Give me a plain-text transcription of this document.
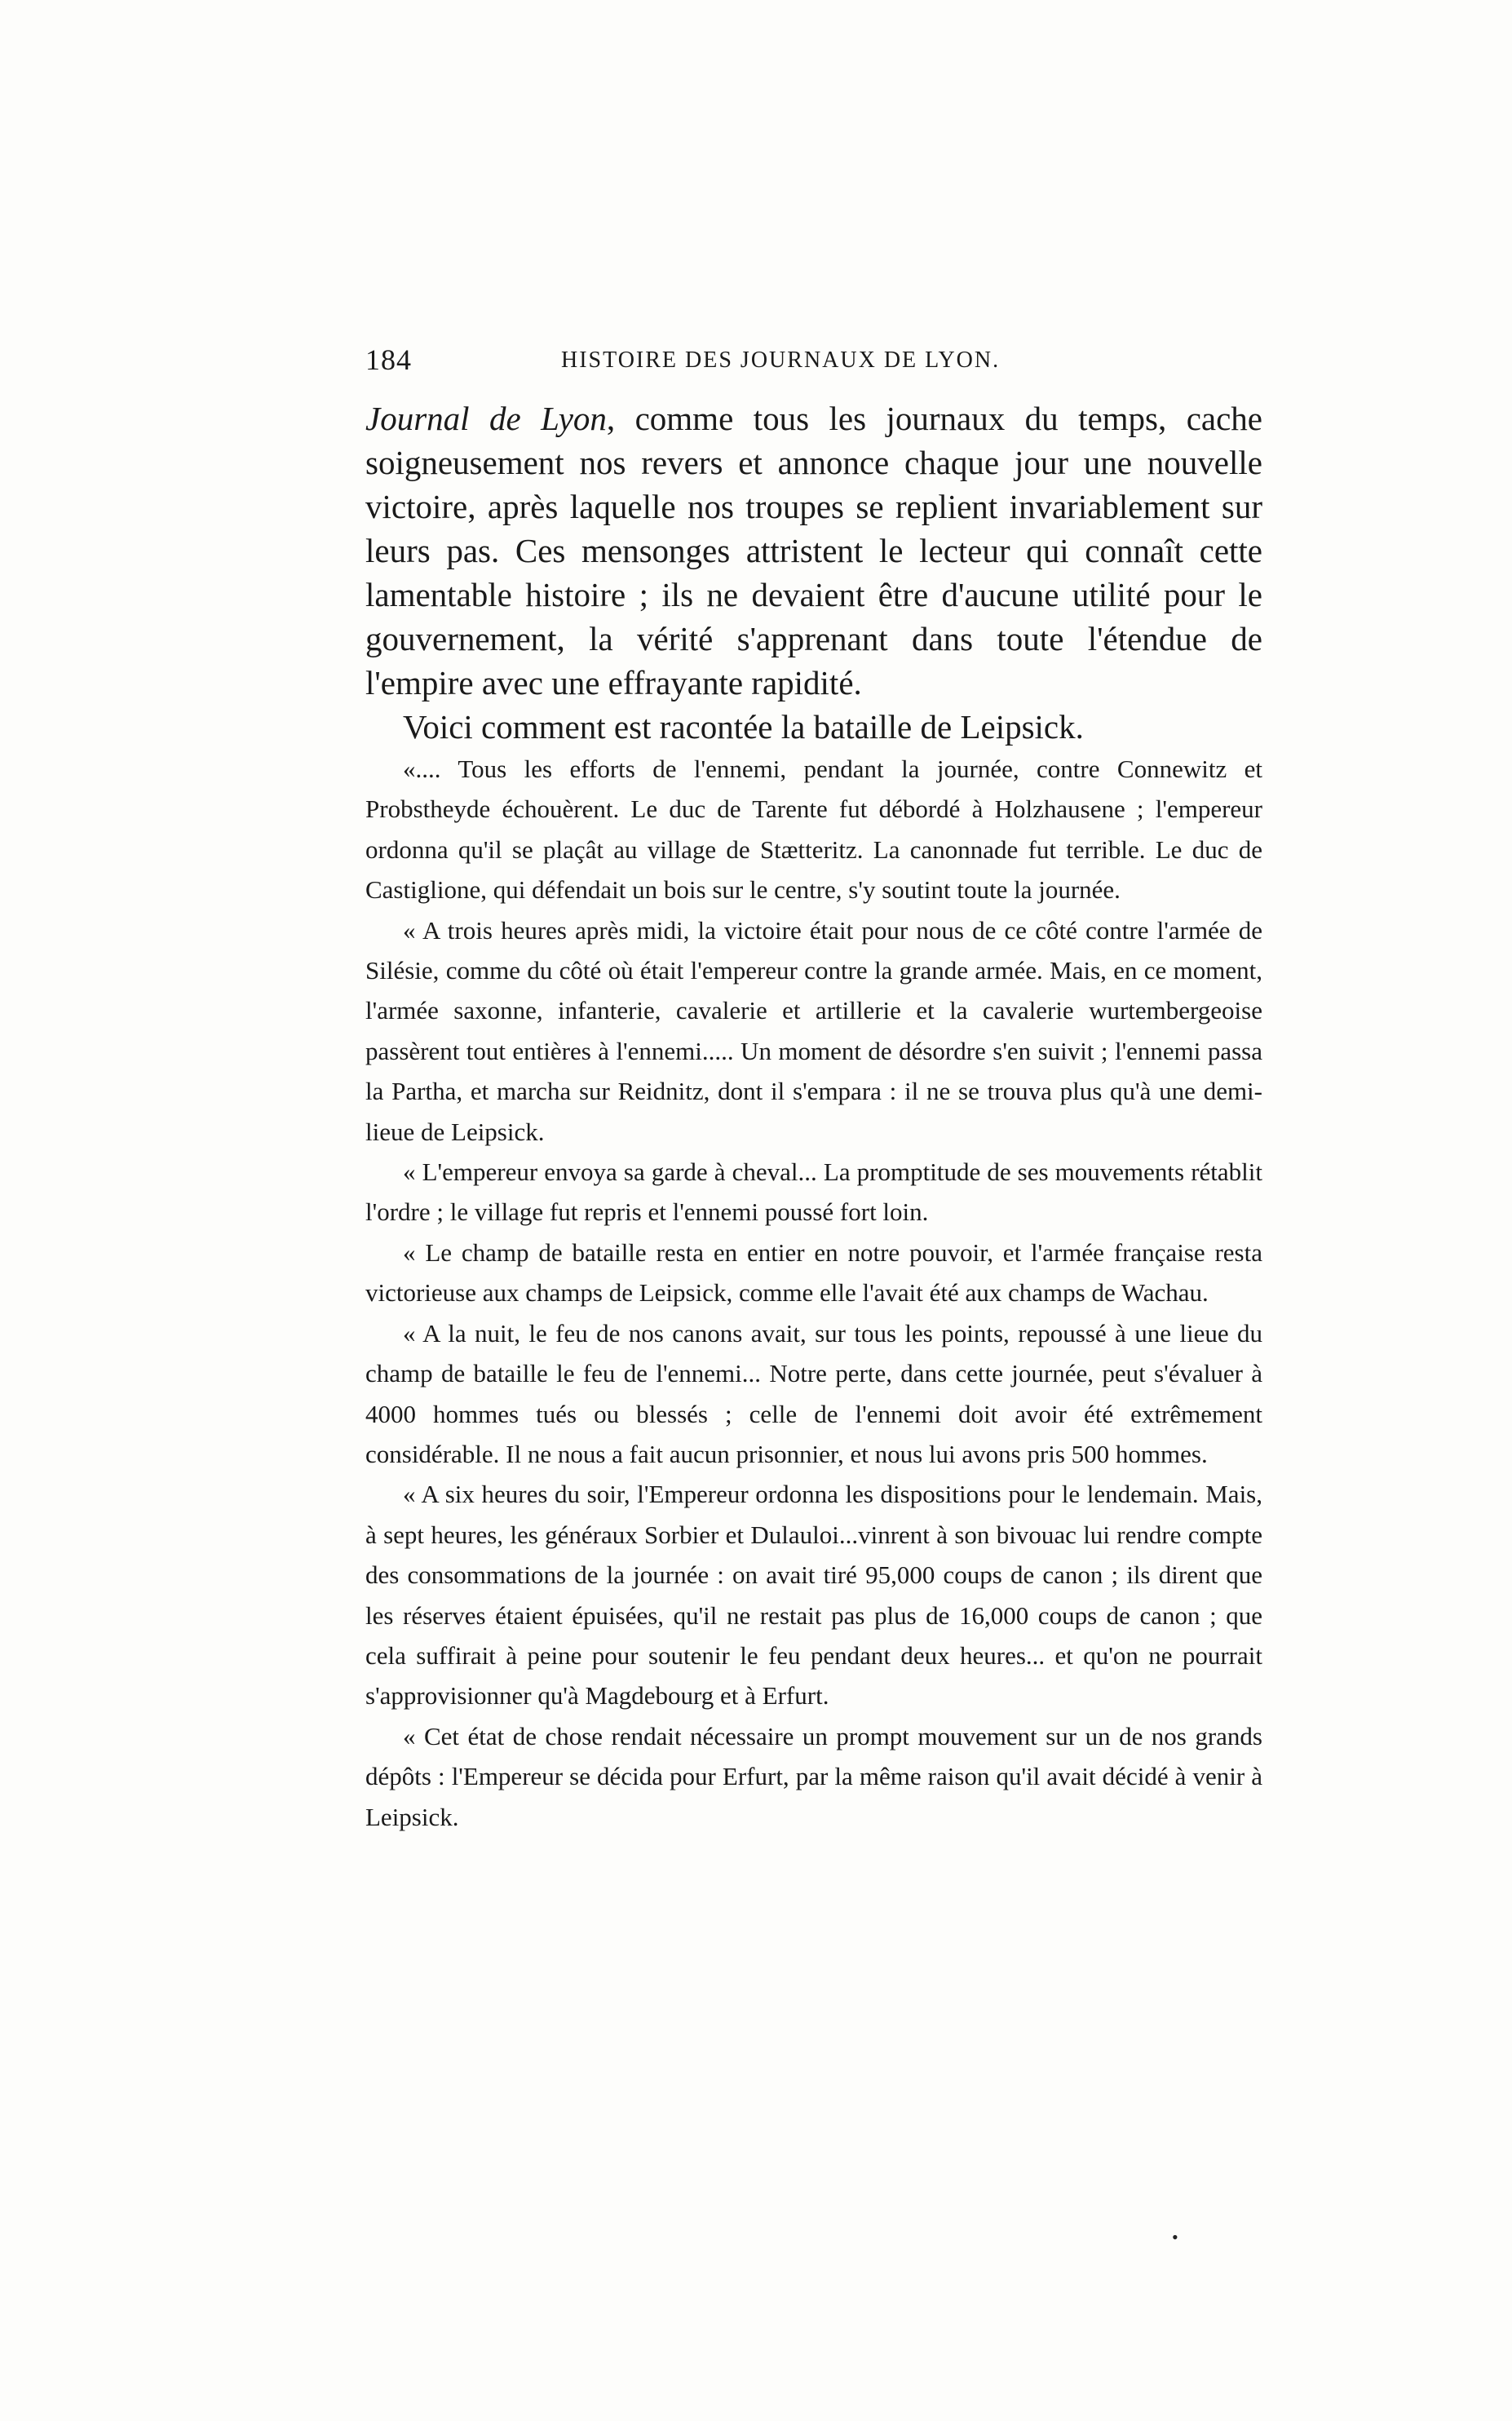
184	HISTOIRE DES JOURNAUX DE LYON.

Journal de Lyon, comme tous les journaux du temps, cache soigneusement nos revers et annonce chaque jour une nouvelle victoire, après laquelle nos troupes se replient invariablement sur leurs pas. Ces mensonges attristent le lecteur qui connaît cette lamentable histoire ; ils ne devaient être d'aucune utilité pour le gouvernement, la vérité s'apprenant dans toute l'étendue de l'empire avec une effrayante rapidité.

Voici comment est racontée la bataille de Leipsick.

«.... Tous les efforts de l'ennemi, pendant la journée, contre Connewitz et Probstheyde échouèrent. Le duc de Tarente fut débordé à Holzhausene ; l'empereur ordonna qu'il se plaçât au village de Stætteritz. La canonnade fut terrible. Le duc de Castiglione, qui défendait un bois sur le centre, s'y soutint toute la journée.

« A trois heures après midi, la victoire était pour nous de ce côté contre l'armée de Silésie, comme du côté où était l'empereur contre la grande armée. Mais, en ce moment, l'armée saxonne, infanterie, cavalerie et artillerie et la cavalerie wurtembergeoise passèrent tout entières à l'ennemi..... Un moment de désordre s'en suivit ; l'ennemi passa la Partha, et marcha sur Reidnitz, dont il s'empara : il ne se trouva plus qu'à une demi-lieue de Leipsick.

« L'empereur envoya sa garde à cheval... La promptitude de ses mouvements rétablit l'ordre ; le village fut repris et l'ennemi poussé fort loin.

« Le champ de bataille resta en entier en notre pouvoir, et l'armée française resta victorieuse aux champs de Leipsick, comme elle l'avait été aux champs de Wachau.

« A la nuit, le feu de nos canons avait, sur tous les points, repoussé à une lieue du champ de bataille le feu de l'ennemi... Notre perte, dans cette journée, peut s'évaluer à 4000 hommes tués ou blessés ; celle de l'ennemi doit avoir été extrêmement considérable. Il ne nous a fait aucun prisonnier, et nous lui avons pris 500 hommes.

« A six heures du soir, l'Empereur ordonna les dispositions pour le lendemain. Mais, à sept heures, les généraux Sorbier et Dulauloi...vinrent à son bivouac lui rendre compte des consommations de la journée : on avait tiré 95,000 coups de canon ; ils dirent que les réserves étaient épuisées, qu'il ne restait pas plus de 16,000 coups de canon ; que cela suffirait à peine pour soutenir le feu pendant deux heures... et qu'on ne pourrait s'approvisionner qu'à Magdebourg et à Erfurt.

« Cet état de chose rendait nécessaire un prompt mouvement sur un de nos grands dépôts : l'Empereur se décida pour Erfurt, par la même raison qu'il avait décidé à venir à Leipsick.

•
